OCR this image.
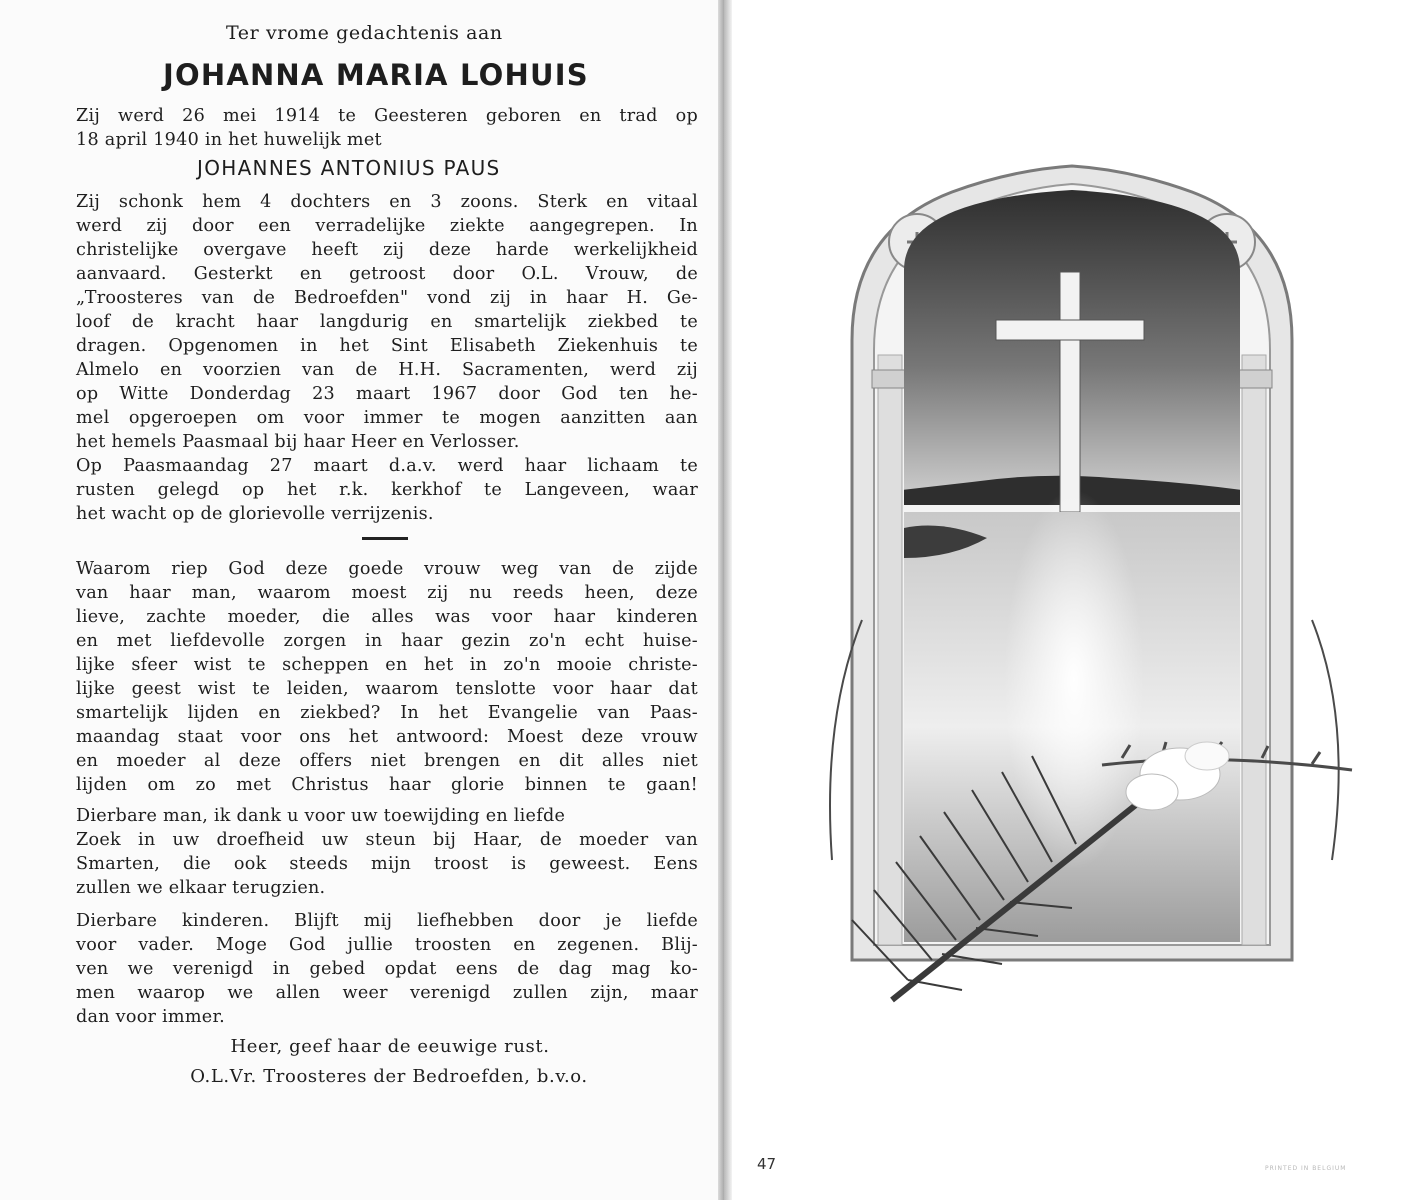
Ter vrome gedachtenis aan

JOHANNA MARIA LOHUIS

Zij werd 26 mei 1914 te Geesteren geboren en trad op

18 april 1940 in het huwelijk met

JOHANNES ANTONIUS PAUS

Zij schonk hem 4 dochters en 3 zoons. Sterk en vitaal

werd zij door een verradelijke ziekte aangegrepen. In

christelijke overgave heeft zij deze harde werkelijkheid

aanvaard. Gesterkt en getroost door O.L. Vrouw, de

„Troosteres van de Bedroefden" vond zij in haar H. Ge-

loof de kracht haar langdurig en smartelijk ziekbed te

dragen. Opgenomen in het Sint Elisabeth Ziekenhuis te

Almelo en voorzien van de H.H. Sacramenten, werd zij

op Witte Donderdag 23 maart 1967 door God ten he-

mel opgeroepen om voor immer te mogen aanzitten aan

het hemels Paasmaal bij haar Heer en Verlosser.

Op Paasmaandag 27 maart d.a.v. werd haar lichaam te

rusten gelegd op het r.k. kerkhof te Langeveen, waar

het wacht op de glorievolle verrijzenis.

Waarom riep God deze goede vrouw weg van de zijde

van haar man, waarom moest zij nu reeds heen, deze

lieve, zachte moeder, die alles was voor haar kinderen

en met liefdevolle zorgen in haar gezin zo'n echt huise-

lijke sfeer wist te scheppen en het in zo'n mooie christe-

lijke geest wist te leiden, waarom tenslotte voor haar dat

smartelijk lijden en ziekbed? In het Evangelie van Paas-

maandag staat voor ons het antwoord: Moest deze vrouw

en moeder al deze offers niet brengen en dit alles niet

lijden om zo met Christus haar glorie binnen te gaan!

Dierbare man, ik dank u voor uw toewijding en liefde

Zoek in uw droefheid uw steun bij Haar, de moeder van

Smarten, die ook steeds mijn troost is geweest. Eens

zullen we elkaar terugzien.

Dierbare kinderen. Blijft mij liefhebben door je liefde

voor vader. Moge God jullie troosten en zegenen. Blij-

ven we verenigd in gebed opdat eens de dag mag ko-

men waarop we allen weer verenigd zullen zijn, maar

dan voor immer.

Heer, geef haar de eeuwige rust.

O.L.Vr. Troosteres der Bedroefden, b.v.o.

47	PRINTED IN BELGIUM
